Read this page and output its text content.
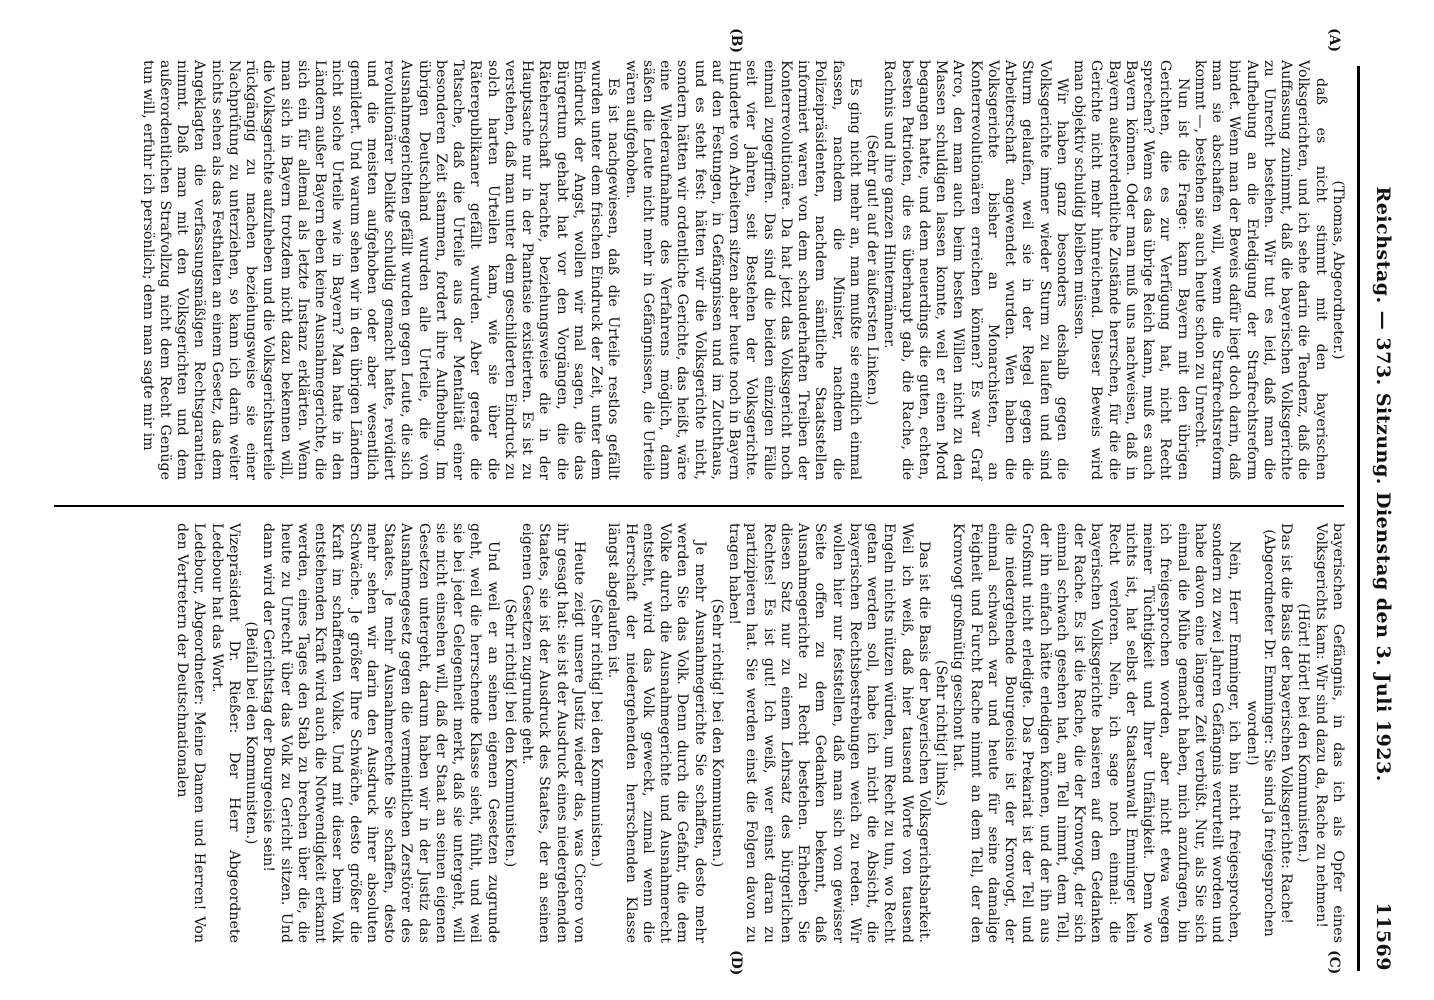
Reichstag. — 373. Sitzung. Dienstag den 3. Juli 1923.
11569
(A)
(B)
(C)
(D)

(Thomas, Abgeordneter.)

daß es nicht stimmt mit den bayerischen Volksgerichten, und ich sehe darin die Tendenz, daß die Auffassung zunimmt, daß die bayerischen Volksgerichte zu Unrecht bestehen. Wir tut es leid, daß man die Aufhebung an die Erledigung der Strafrechtsreform bindet. Wenn man der Beweis dafür liegt doch darin, daß man sie abschaffen will, wenn die Strafrechtsreform kommt —, bestehen sie auch heute schon zu Unrecht.

Nun ist die Frage: kann Bayern mit den übrigen Gerichten, die es zur Verfügung hat, nicht Recht sprechen? Wenn es das übrige Reich kann, muß es auch Bayern können. Oder man muß uns nachweisen, daß in Bayern außerordentliche Zustände herrschen, für die die Gerichte nicht mehr hinreichend. Dieser Beweis wird man objektiv schuldig bleiben müssen.

Wir haben ganz besonders deshalb gegen die Volksgerichte immer wieder Sturm zu laufen und sind Sturm gelaufen, weil sie in der Regel gegen die Arbeiterschaft angewendet wurden. Wen haben die Volksgerichte bisher an Monarchisten, an Konterrevolutionären erreichen können? Es war Graf Arco, den man auch beim besten Willen nicht zu den Massen schuldigen lassen konnte, weil er einen Mord begangen hatte, und dem neuerdings die guten, echten, besten Patrioten, die es überhaupt gab, die Rache, die Rachnis und ihre ganzen Hintermänner.

(Sehr gut! auf der äußersten Linken.)

Es ging nicht mehr an, man mußte sie endlich einmal fassen, nachdem die Minister, nachdem die Polizeipräsidenten, nachdem sämtliche Staatsstellen informiert waren von dem schauderhaften Treiben der Konterrevolutionäre. Da hat jetzt das Volksgericht noch einmal zugegriffen. Das sind die beiden einzigen Fälle seit vier Jahren, seit Bestehen der Volksgerichte. Hunderte von Arbeitern sitzen aber heute noch in Bayern auf den Festungen, in Gefängnissen und im Zuchthaus, und es steht fest: hätten wir die Volksgerichte nicht, sondern hätten wir ordentliche Gerichte, das heißt, wäre eine Wiederaufnahme des Verfahrens möglich, dann säßen die Leute nicht mehr in Gefängnissen, die Urteile wären aufgehoben.

Es ist nachgewiesen, daß die Urteile restlos gefällt wurden unter dem frischen Eindruck der Zeit, unter dem Eindruck der Angst, wollen wir mal sagen, die das Bürgertum gehabt hat vor den Vorgängen, die die Räteherrschaft brachte, beziehungsweise die in der Hauptsache nur in der Phantasie existierten. Es ist zu verstehen, daß man unter dem geschilderten Eindruck zu solch harten Urteilen kam, wie sie über die Räterepublikaner gefällt wurden. Aber gerade die Tatsache, daß die Urteile aus der Mentalität einer besonderen Zeit stammen, fordert ihre Aufhebung. Im übrigen Deutschland wurden alle Urteile, die von Ausnahmegerichten gefällt wurden gegen Leute, die sich revolutionärer Delikte schuldig gemacht hatte, revidiert und die meisten aufgehoben oder aber wesentlich gemildert. Und warum sehen wir in den übrigen Ländern nicht solche Urteile wie in Bayern? Man hatte in den Ländern außer Bayern eben keine Ausnahmegerichte, die sich ein für allemal als letzte Instanz erklärten. Wenn man sich in Bayern trotzdem nicht dazu bekennen will, die Volksgerichte aufzuheben und die Volksgerichtsurteile rückgängig zu machen beziehungsweise sie einer Nachprüfung zu unterziehen, so kann ich darin weiter nichts sehen als das Festhalten an einem Gesetz, das dem Angeklagten die verfassungsmäßigen Rechtsgarantien nimmt. Daß man mit den Volksgerichten und dem außerordentlichen Strafvollzug nicht dem Recht Genüge tun will, erfuhr ich persönlich; denn man sagte mir im

bayerischen Gefängnis, in das ich als Opfer eines Volksgerichts kam: Wir sind dazu da, Rache zu nehmen!

(Hört! Hört! bei den Kommunisten.)

Das ist die Basis der bayerischen Volksgerichte: Rache!

(Abgeordneter Dr. Emminger: Sie sind ja freigesprochen worden!)

Nein, Herr Emminger, ich bin nicht freigesprochen, sondern zu zwei Jahren Gefängnis verurteilt worden und habe davon eine längere Zeit verbüßt. Nur, als Sie sich einmal die Mühe gemacht haben, mich anzufragen, bin ich freigesprochen worden, aber nicht etwa wegen meiner Tüchtigkeit und Ihrer Unfähigkeit. Denn wo nichts ist, hat selbst der Staatsanwalt Emminger kein Recht verloren. Nein, ich sage noch einmal: die bayerischen Volksgerichte basieren auf dem Gedanken der Rache. Es ist die Rache, die der Kronvogt, der sich einmal schwach gesehen hat, am Tell nimmt, dem Tell, der ihn einfach hätte erledigen können, und der ihn aus Großmut nicht erledigte. Das Prekariat ist der Tell und die niedergehende Bourgeoisie ist der Kronvogt, der einmal schwach war und heute für seine damalige Feigheit und Furcht Rache nimmt an dem Tell, der den Kronvogt großmütig geschont hat.

(Sehr richtig! links.)

Das ist die Basis der bayerischen Volksgerichtsbarkeit. Weil ich weiß, daß hier tausend Worte von tausend Engeln nichts nützen würden, um Recht zu tun, wo Recht getan werden soll, habe ich nicht die Absicht, die bayerischen Rechtsbestrebungen weich zu reden. Wir wollen hier nur feststellen, daß man sich von gewisser Seite offen zu dem Gedanken bekennt, daß Ausnahmegerichte zu Recht bestehen. Erheben Sie diesen Satz nur zu einem Lehrsatz des bürgerlichen Rechtes! Es ist gut! Ich weiß, wer einst daran zu partizipieren hat. Sie werden einst die Folgen davon zu tragen haben!

(Sehr richtig! bei den Kommunisten.)

Je mehr Ausnahmegerichte Sie schaffen, desto mehr werden Sie das Volk. Denn durch die Gefahr, die dem Volke durch die Ausnahmegerichte und Ausnahmerecht entsteht, wird das Volk geweckt, zumal wenn die Herrschaft der niedergehenden herrschenden Klasse längst abgelaufen ist.

(Sehr richtig! bei den Kommunisten.)

Heute zeigt unsere Justiz wieder das, was Cicero von ihr gesagt hat: sie ist der Ausdruck eines niedergehenden Staates, sie ist der Ausdruck des Staates, der an seinen eigenen Gesetzen zugrunde geht.

(Sehr richtig! bei den Kommunisten.)

Und weil er an seinen eigenen Gesetzen zugrunde geht, weil die herrschende Klasse sieht, fühlt, und weil sie bei jeder Gelegenheit merkt, daß sie untergeht, will sie nicht einsehen will, daß der Staat an seinen eigenen Gesetzen untergeht, darum haben wir in der Justiz das Ausnahmegesetz gegen die vermeintlichen Zerstörer des Staates. Je mehr Ausnahmerechte Sie schaffen, desto mehr sehen wir darin den Ausdruck ihrer absoluten Schwäche. Je größer Ihre Schwäche, desto größer die Kraft im schaffenden Volke. Und mit dieser beim Volk entstehenden Kraft wird auch die Notwendigkeit erkannt werden, eines Tages den Stab zu brechen über die, die heute zu Unrecht über das Volk zu Gericht sitzen. Und dann wird der Gerichtstag der Bourgeoisie sein!

(Beifall bei den Kommunisten.)

Vizepräsident Dr. Rießer: Der Herr Abgeordnete Ledebour hat das Wort.

Ledebour, Abgeordneter: Meine Damen und Herren! Von den Vertretern der Deutschnationalen
